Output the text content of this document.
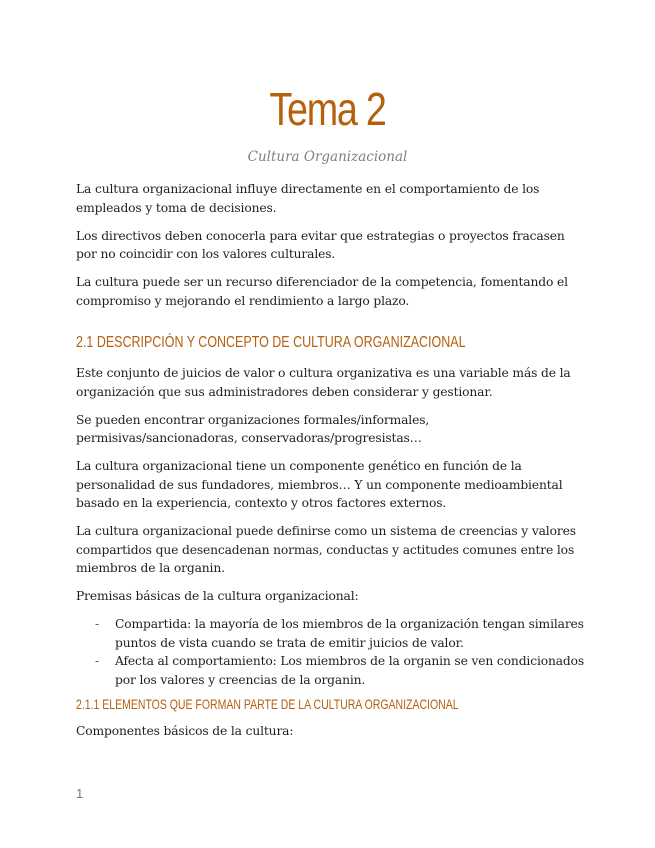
Tema 2
Cultura Organizacional

La cultura organizacional influye directamente en el comportamiento de los empleados y toma de decisiones.

Los directivos deben conocerla para evitar que estrategias o proyectos fracasen por no coincidir con los valores culturales.

La cultura puede ser un recurso diferenciador de la competencia, fomentando el compromiso y mejorando el rendimiento a largo plazo.

2.1 DESCRIPCIÓN Y CONCEPTO DE CULTURA ORGANIZACIONAL

Este conjunto de juicios de valor o cultura organizativa es una variable más de la organización que sus administradores deben considerar y gestionar.

Se pueden encontrar organizaciones formales/informales, permisivas/sancionadoras, conservadoras/progresistas…

La cultura organizacional tiene un componente genético en función de la personalidad de sus fundadores, miembros… Y un componente medioambiental basado en la experiencia, contexto y otros factores externos.

La cultura organizacional puede definirse como un sistema de creencias y valores compartidos que desencadenan normas, conductas y actitudes comunes entre los miembros de la organin.

Premisas básicas de la cultura organizacional:

- Compartida: la mayoría de los miembros de la organización tengan similares puntos de vista cuando se trata de emitir juicios de valor.
- Afecta al comportamiento: Los miembros de la organin se ven condicionados por los valores y creencias de la organin.
2.1.1 ELEMENTOS QUE FORMAN PARTE DE LA CULTURA ORGANIZACIONAL

Componentes básicos de la cultura:

1
